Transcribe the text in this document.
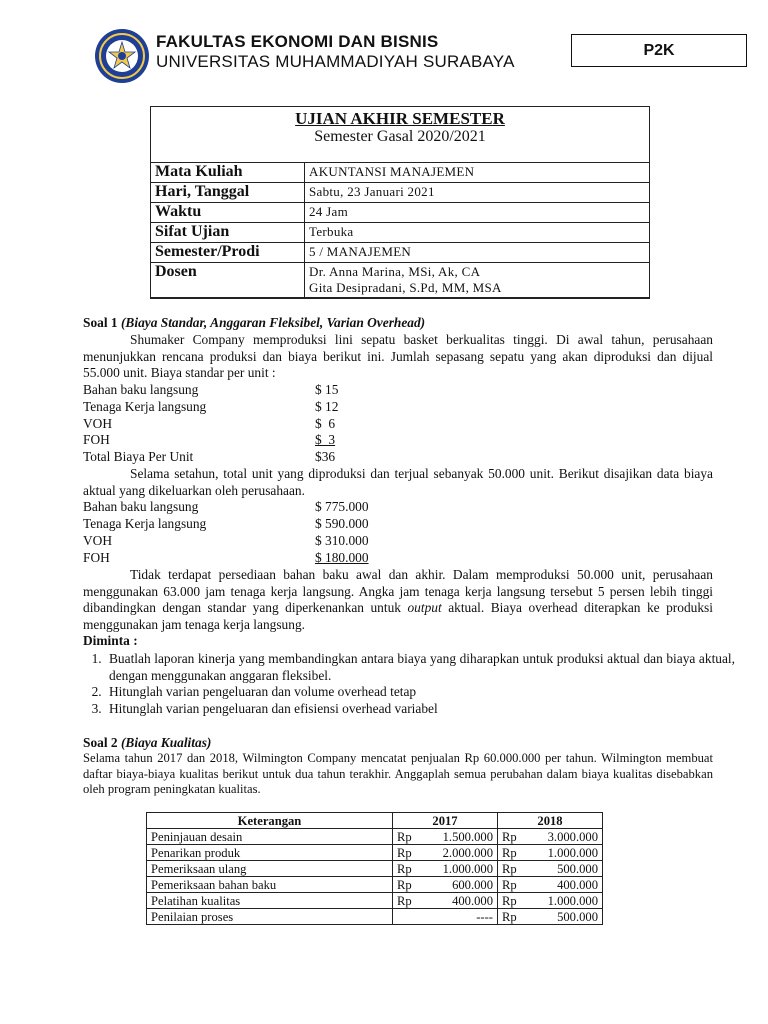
FAKULTAS EKONOMI DAN BISNIS
UNIVERSITAS MUHAMMADIYAH SURABAYA
P2K
UJIAN AKHIR SEMESTER
Semester Gasal 2020/2021
Mata Kuliah	AKUNTANSI MANAJEMEN
Hari, Tanggal	Sabtu, 23 Januari 2021
Waktu	24 Jam
Sifat Ujian	Terbuka
Semester/Prodi	5 / MANAJEMEN
Dosen	Dr. Anna Marina, MSi, Ak, CA
Gita Desipradani, S.Pd, MM, MSA
Soal 1 (Biaya Standar, Anggaran Fleksibel, Varian Overhead)
Shumaker Company memproduksi lini sepatu basket berkualitas tinggi. Di awal tahun, perusahaan menunjukkan rencana produksi dan biaya berikut ini. Jumlah sepasang sepatu yang akan diproduksi dan dijual 55.000 unit. Biaya standar per unit :
Bahan baku langsung	$ 15
Tenaga Kerja langsung	$ 12
VOH	$  6
FOH	$  3
Total Biaya Per Unit	$36
Selama setahun, total unit yang diproduksi dan terjual sebanyak 50.000 unit. Berikut disajikan data biaya aktual yang dikeluarkan oleh perusahaan.
Bahan baku langsung	$ 775.000
Tenaga Kerja langsung	$ 590.000
VOH	$ 310.000
FOH	$ 180.000
Tidak terdapat persediaan bahan baku awal dan akhir. Dalam memproduksi 50.000 unit, perusahaan menggunakan 63.000 jam tenaga kerja langsung. Angka jam tenaga kerja langsung tersebut 5 persen lebih tinggi dibandingkan dengan standar yang diperkenankan untuk output aktual. Biaya overhead diterapkan ke produksi menggunakan jam tenaga kerja langsung.
Diminta :
1. Buatlah laporan kinerja yang membandingkan antara biaya yang diharapkan untuk produksi aktual dan biaya aktual, dengan menggunakan anggaran fleksibel.
2. Hitunglah varian pengeluaran dan volume overhead tetap
3. Hitunglah varian pengeluaran dan efisiensi overhead variabel
Soal 2 (Biaya Kualitas)
Selama tahun 2017 dan 2018, Wilmington Company mencatat penjualan Rp 60.000.000 per tahun. Wilmington membuat daftar biaya-biaya kualitas berikut untuk dua tahun terakhir. Anggaplah semua perubahan dalam biaya kualitas disebabkan oleh program peningkatan kualitas.
Keterangan	2017	2018
Peninjauan desain	Rp 1.500.000	Rp 3.000.000

Penarikan produk	Rp 2.000.000	Rp 1.000.000

Pemeriksaan ulang	Rp 1.000.000	Rp 500.000

Pemeriksaan bahan baku	Rp 600.000	Rp 400.000

Pelatihan kualitas	Rp 400.000	Rp 1.000.000

Penilaian proses	----	Rp 500.000
